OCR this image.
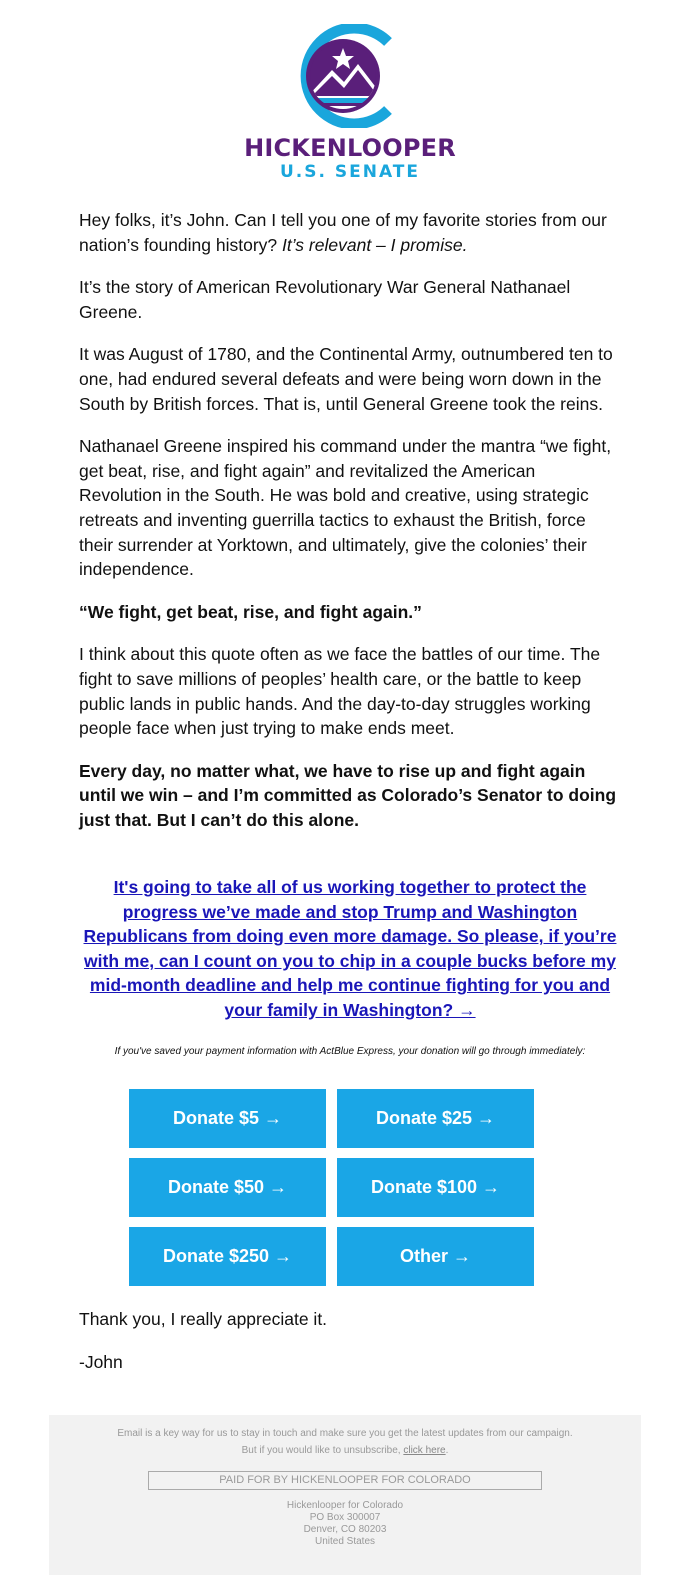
HICKENLOOPER
U.S. SENATE

Hey folks, it’s John. Can I tell you one of my favorite stories from our nation’s founding history? It’s relevant – I promise.

It’s the story of American Revolutionary War General Nathanael Greene.

It was August of 1780, and the Continental Army, outnumbered ten to one, had endured several defeats and were being worn down in the South by British forces. That is, until General Greene took the reins.

Nathanael Greene inspired his command under the mantra “we fight, get beat, rise, and fight again” and revitalized the American Revolution in the South. He was bold and creative, using strategic retreats and inventing guerrilla tactics to exhaust the British, force their surrender at Yorktown, and ultimately, give the colonies’ their independence.

“We fight, get beat, rise, and fight again.”

I think about this quote often as we face the battles of our time. The fight to save millions of peoples’ health care, or the battle to keep public lands in public hands. And the day-to-day struggles working people face when just trying to make ends meet.

Every day, no matter what, we have to rise up and fight again until we win – and I’m committed as Colorado’s Senator to doing just that. But I can’t do this alone.

It's going to take all of us working together to protect the progress we’ve made and stop Trump and Washington Republicans from doing even more damage. So please, if you’re with me, can I count on you to chip in a couple bucks before my mid-month deadline and help me continue fighting for you and your family in Washington? →
If you've saved your payment information with ActBlue Express, your donation will go through immediately:
Donate $5 →	Donate $25 →
Donate $50 →	Donate $100 →
Donate $250 →	Other →
Thank you, I really appreciate it.
-John
Email is a key way for us to stay in touch and make sure you get the latest updates from our campaign.
But if you would like to unsubscribe, click here.
PAID FOR BY HICKENLOOPER FOR COLORADO
Hickenlooper for Colorado
PO Box 300007
Denver, CO 80203
United States
